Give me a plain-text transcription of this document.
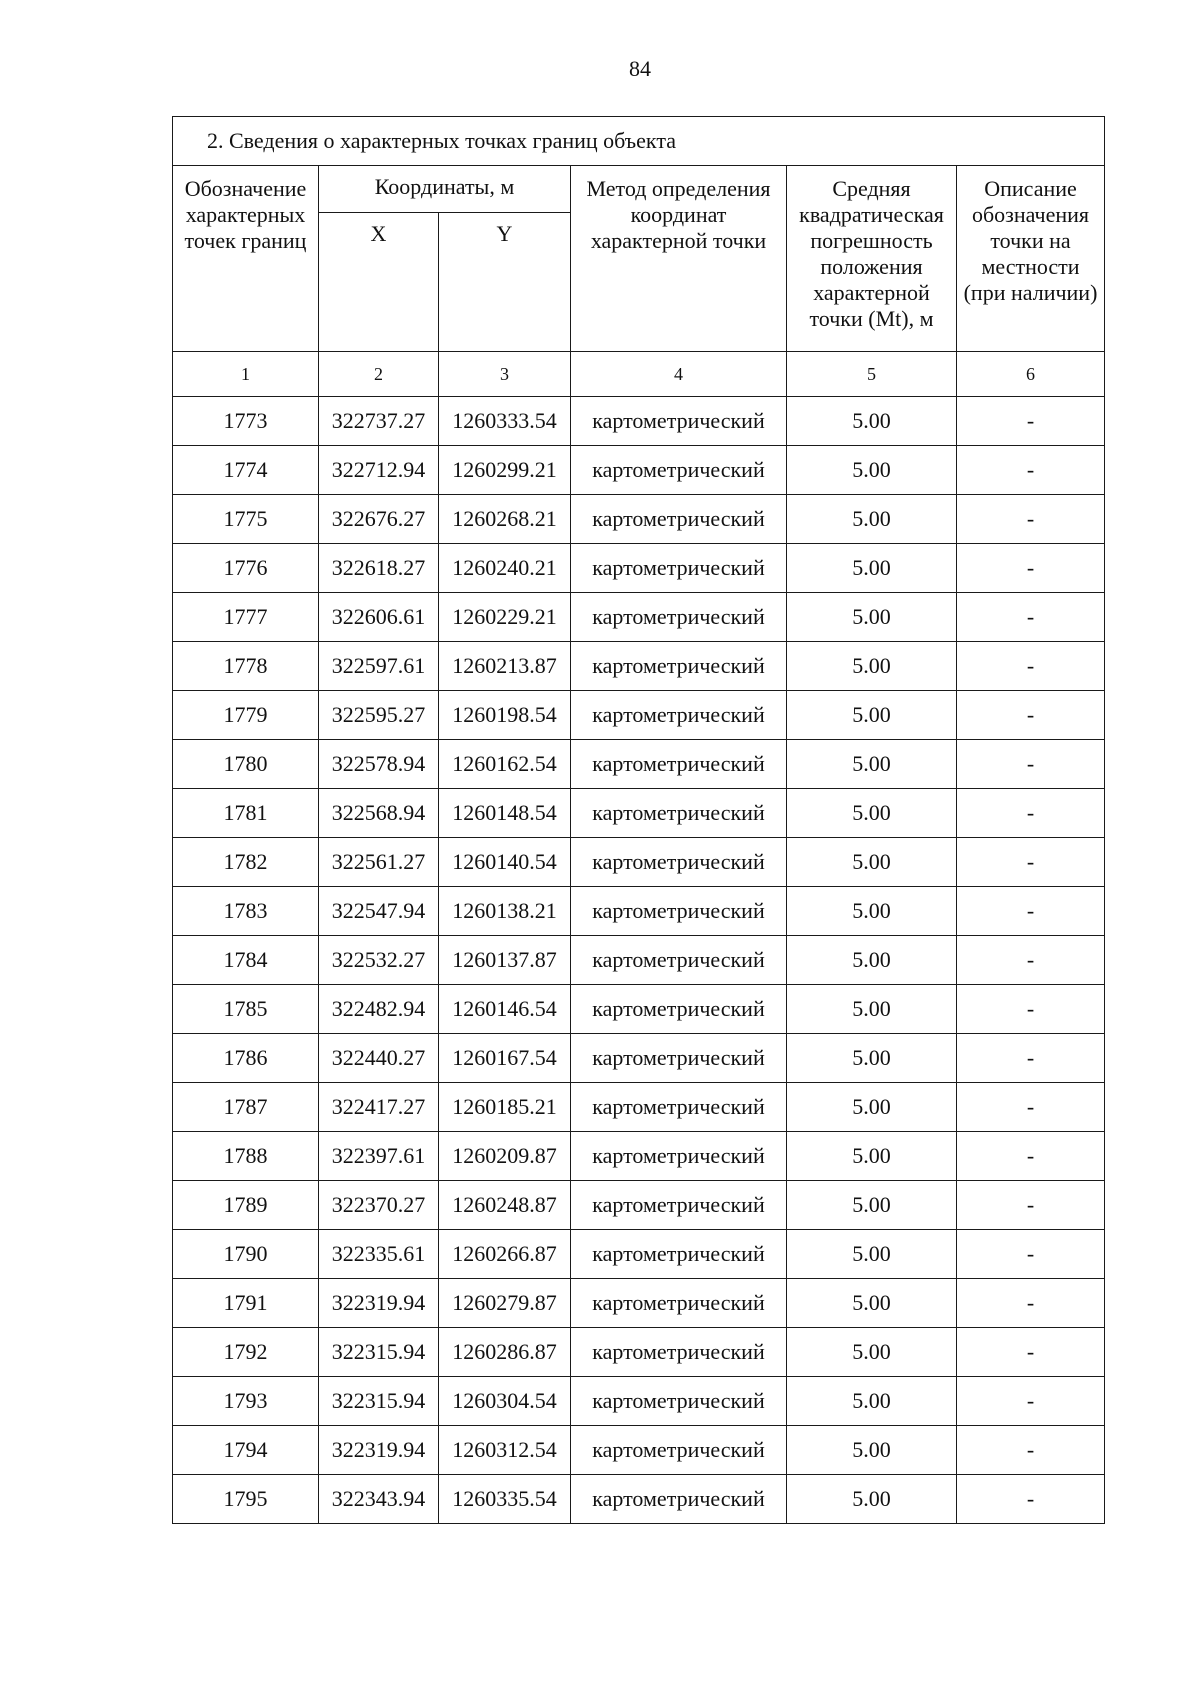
84
2. Сведения о характерных точках границ объекта					
Обозначение характерных точек границ	Координаты, м		Метод определения координат характерной точки	Средняя квадратическая погрешность положения характерной точки (Mt), м	Описание обозначения точки на местности (при наличии)
	X	Y			
1	2	3	4	5	6
1773	322737.27	1260333.54	картометрический	5.00	-
1774	322712.94	1260299.21	картометрический	5.00	-
1775	322676.27	1260268.21	картометрический	5.00	-
1776	322618.27	1260240.21	картометрический	5.00	-
1777	322606.61	1260229.21	картометрический	5.00	-
1778	322597.61	1260213.87	картометрический	5.00	-
1779	322595.27	1260198.54	картометрический	5.00	-
1780	322578.94	1260162.54	картометрический	5.00	-
1781	322568.94	1260148.54	картометрический	5.00	-
1782	322561.27	1260140.54	картометрический	5.00	-
1783	322547.94	1260138.21	картометрический	5.00	-
1784	322532.27	1260137.87	картометрический	5.00	-
1785	322482.94	1260146.54	картометрический	5.00	-
1786	322440.27	1260167.54	картометрический	5.00	-
1787	322417.27	1260185.21	картометрический	5.00	-
1788	322397.61	1260209.87	картометрический	5.00	-
1789	322370.27	1260248.87	картометрический	5.00	-
1790	322335.61	1260266.87	картометрический	5.00	-
1791	322319.94	1260279.87	картометрический	5.00	-
1792	322315.94	1260286.87	картометрический	5.00	-
1793	322315.94	1260304.54	картометрический	5.00	-
1794	322319.94	1260312.54	картометрический	5.00	-
1795	322343.94	1260335.54	картометрический	5.00	-
